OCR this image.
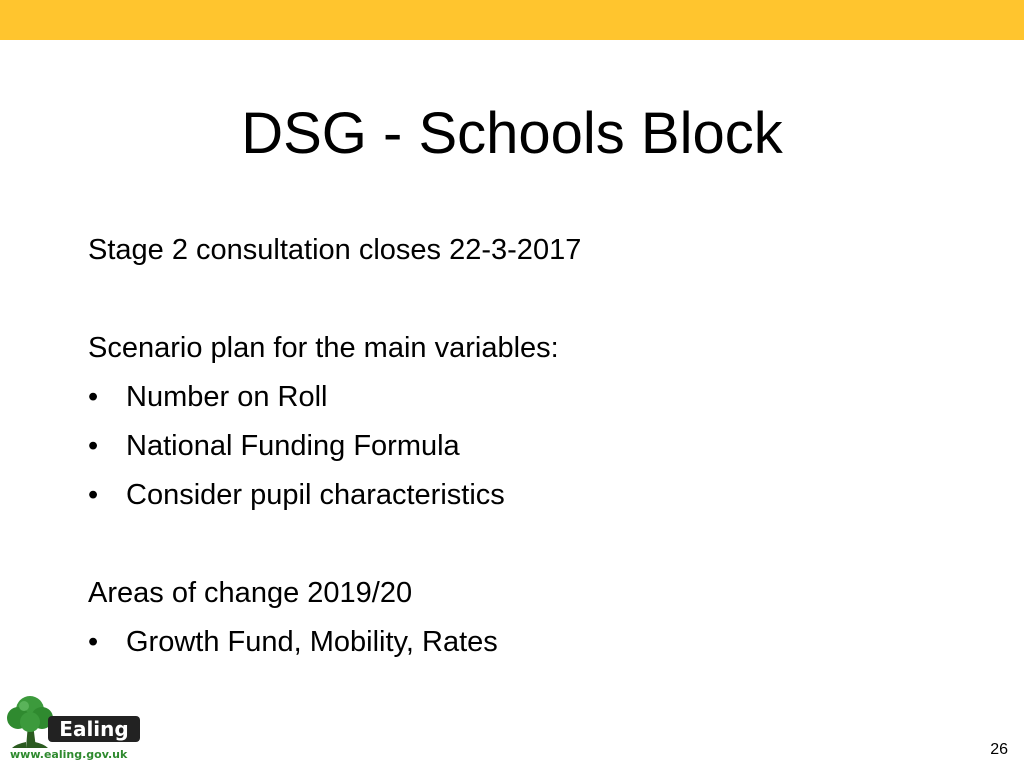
DSG - Schools Block

Stage 2 consultation closes 22-3-2017

Scenario plan for the main variables:

• Number on Roll
• National Funding Formula
• Consider pupil characteristics

Areas of change 2019/20

• Growth Fund, Mobility, Rates
Ealing
www.ealing.gov.uk	26
